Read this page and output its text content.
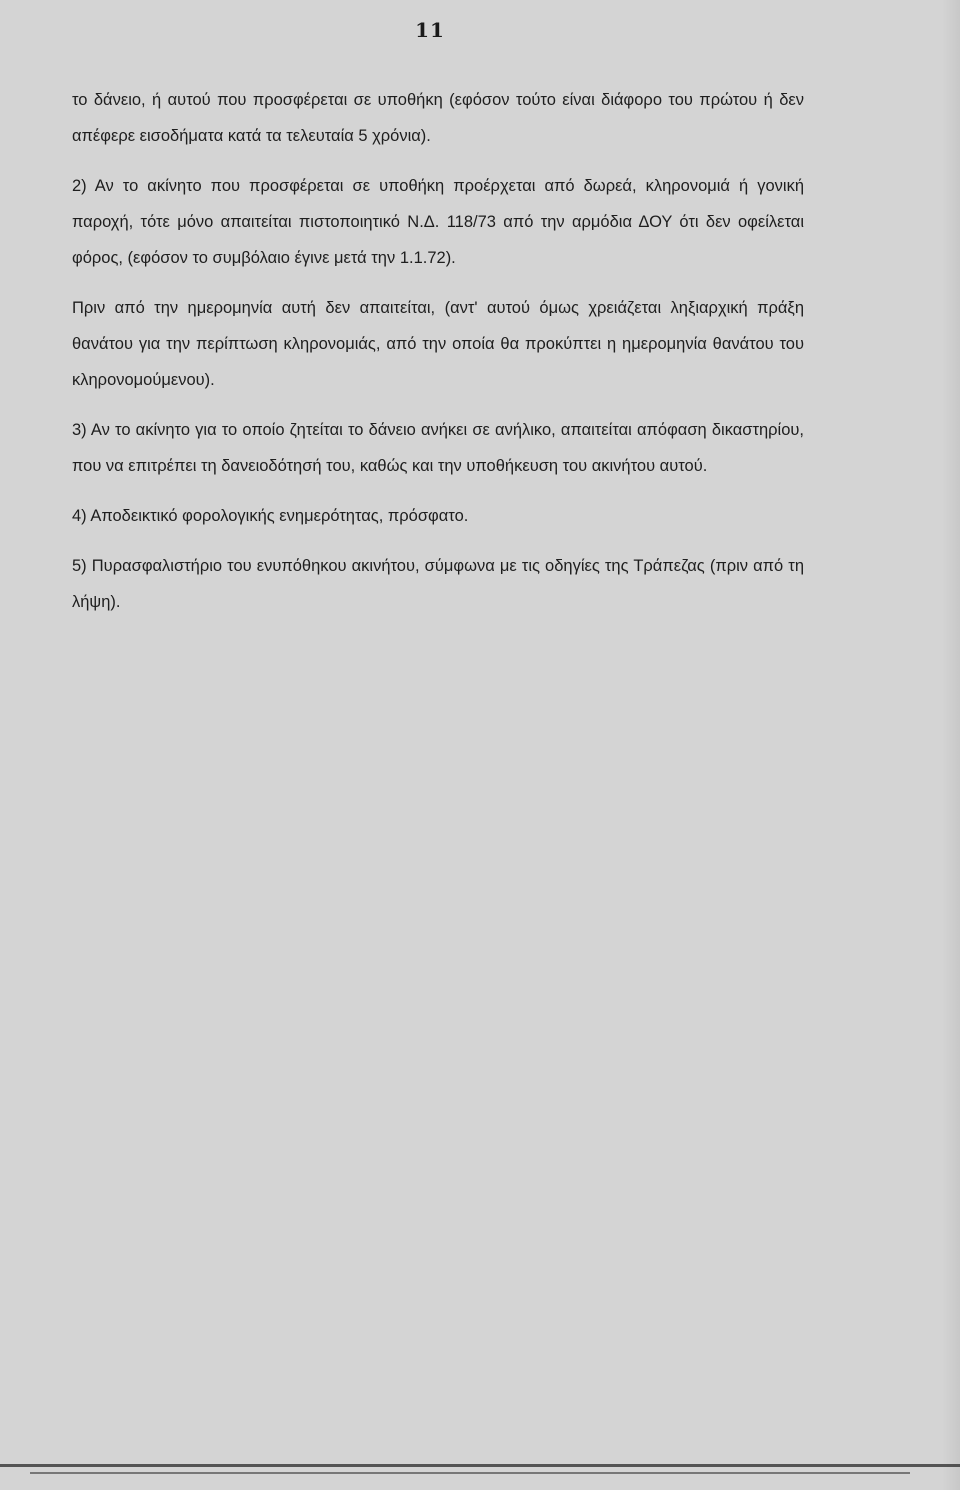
11

το δάνειο, ή αυτού που προσφέρεται σε υποθήκη (εφόσον τούτο είναι διάφορο του πρώτου ή δεν απέφερε εισοδήματα κατά τα τελευταία 5 χρόνια).

2) Αν το ακίνητο που προσφέρεται σε υποθήκη προέρχεται από δωρεά, κληρονομιά ή γονική παροχή, τότε μόνο απαιτείται πιστοποιητικό Ν.Δ. 118/73 από την αρμόδια ΔΟΥ ότι δεν οφείλεται φόρος, (εφόσον το συμβόλαιο έγινε μετά την 1.1.72).

Πριν από την ημερομηνία αυτή δεν απαιτείται, (αντ' αυτού όμως χρειάζεται ληξιαρχική πράξη θανάτου για την περίπτωση κληρονομιάς, από την οποία θα προκύπτει η ημερομηνία θανάτου του κληρονομούμενου).

3) Αν το ακίνητο για το οποίο ζητείται το δάνειο ανήκει σε ανήλικο, απαιτείται απόφαση δικαστηρίου, που να επιτρέπει τη δανειοδότησή του, καθώς και την υποθήκευση του ακινήτου αυτού.

4) Αποδεικτικό φορολογικής ενημερότητας, πρόσφατο.

5) Πυρασφαλιστήριο του ενυπόθηκου ακινήτου, σύμφωνα με τις οδηγίες της Τράπεζας (πριν από τη λήψη).
